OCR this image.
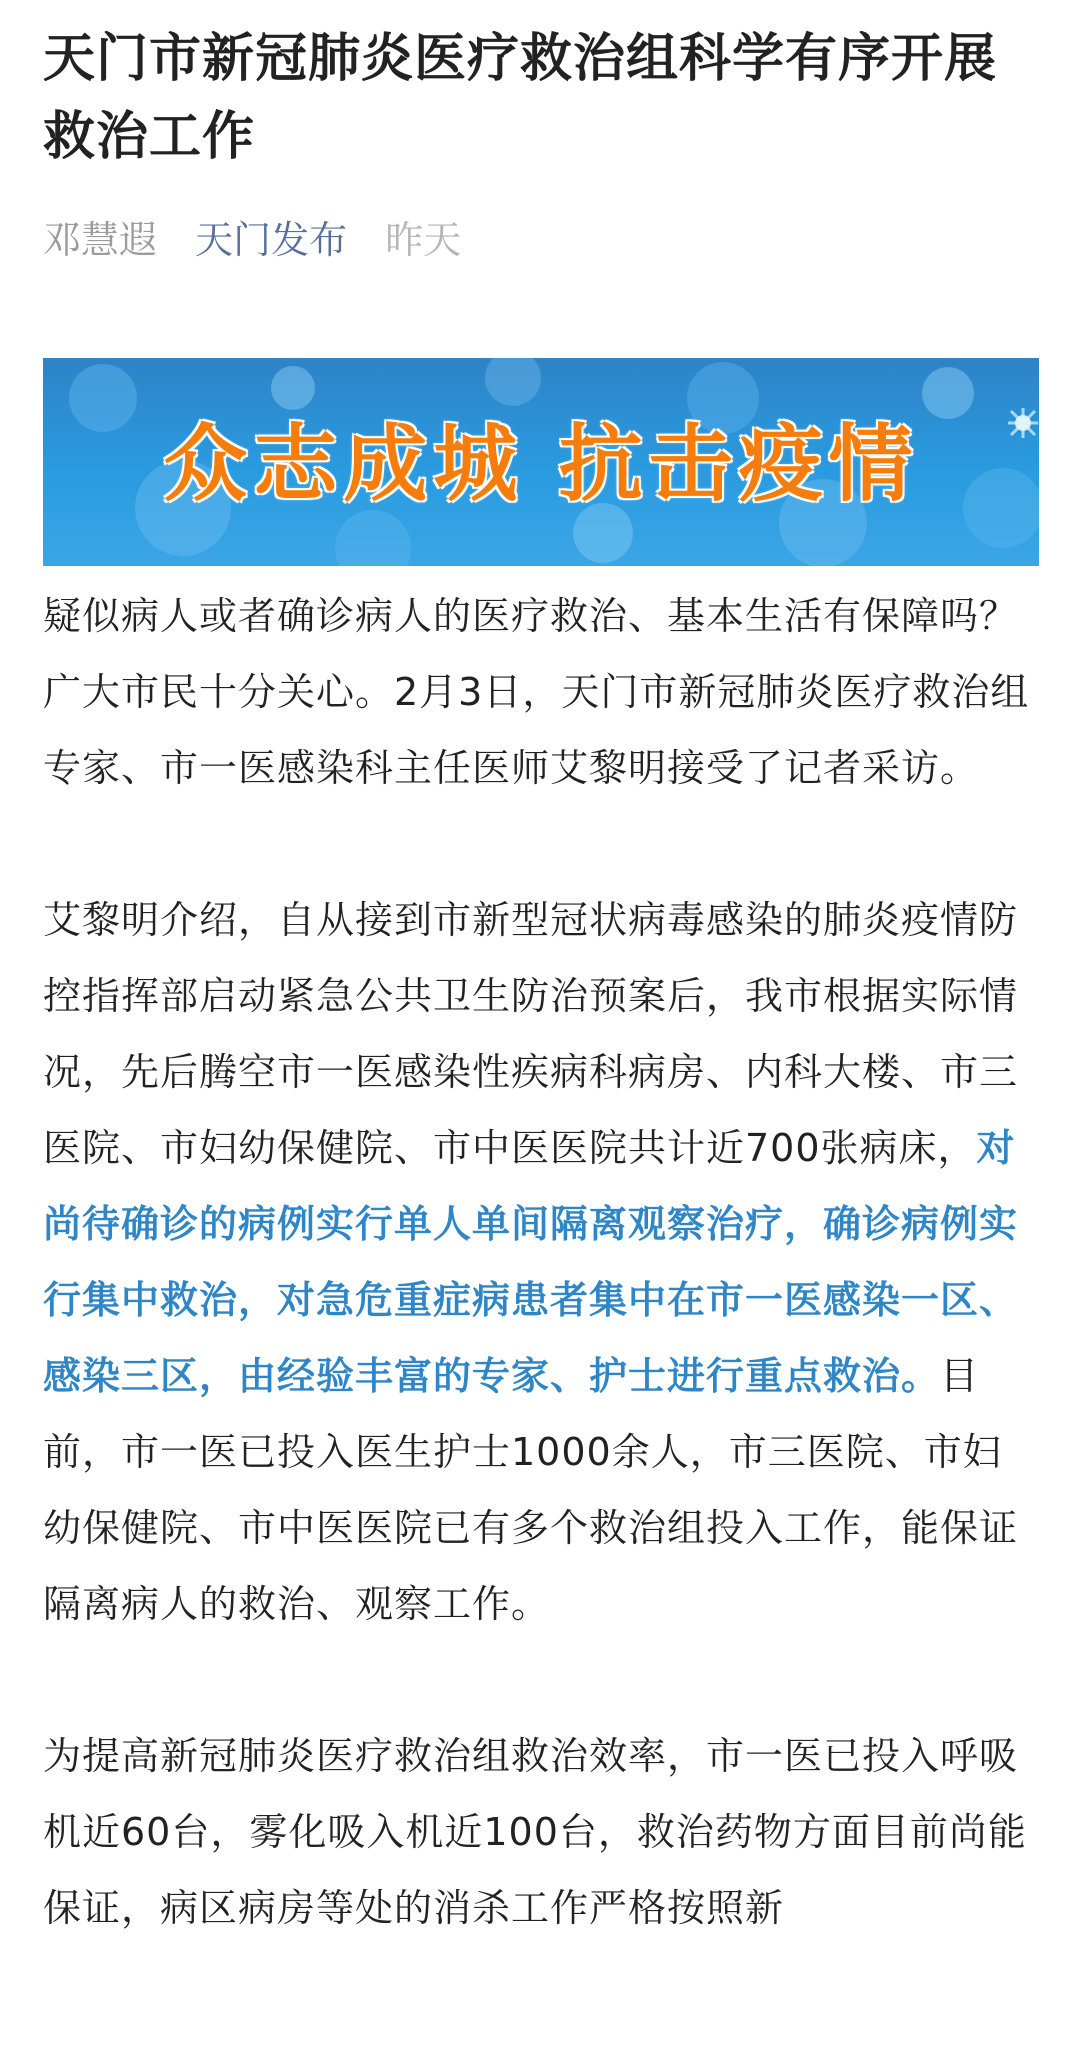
天门市新冠肺炎医疗救治组科学有序开展救治工作
邓慧遐 天门发布 昨天
众志成城 抗击疫情

疑似病人或者确诊病人的医疗救治、基本生活有保障吗？广大市民十分关心。2月3日，天门市新冠肺炎医疗救治组专家、市一医感染科主任医师艾黎明接受了记者采访。

艾黎明介绍，自从接到市新型冠状病毒感染的肺炎疫情防控指挥部启动紧急公共卫生防治预案后，我市根据实际情况，先后腾空市一医感染性疾病科病房、内科大楼、市三医院、市妇幼保健院、市中医医院共计近700张病床，对尚待确诊的病例实行单人单间隔离观察治疗，确诊病例实行集中救治，对急危重症病患者集中在市一医感染一区、感染三区，由经验丰富的专家、护士进行重点救治。目前，市一医已投入医生护士1000余人，市三医院、市妇幼保健院、市中医医院已有多个救治组投入工作，能保证隔离病人的救治、观察工作。

为提高新冠肺炎医疗救治组救治效率，市一医已投入呼吸机近60台，雾化吸入机近100台，救治药物方面目前尚能保证，病区病房等处的消杀工作严格按照新
